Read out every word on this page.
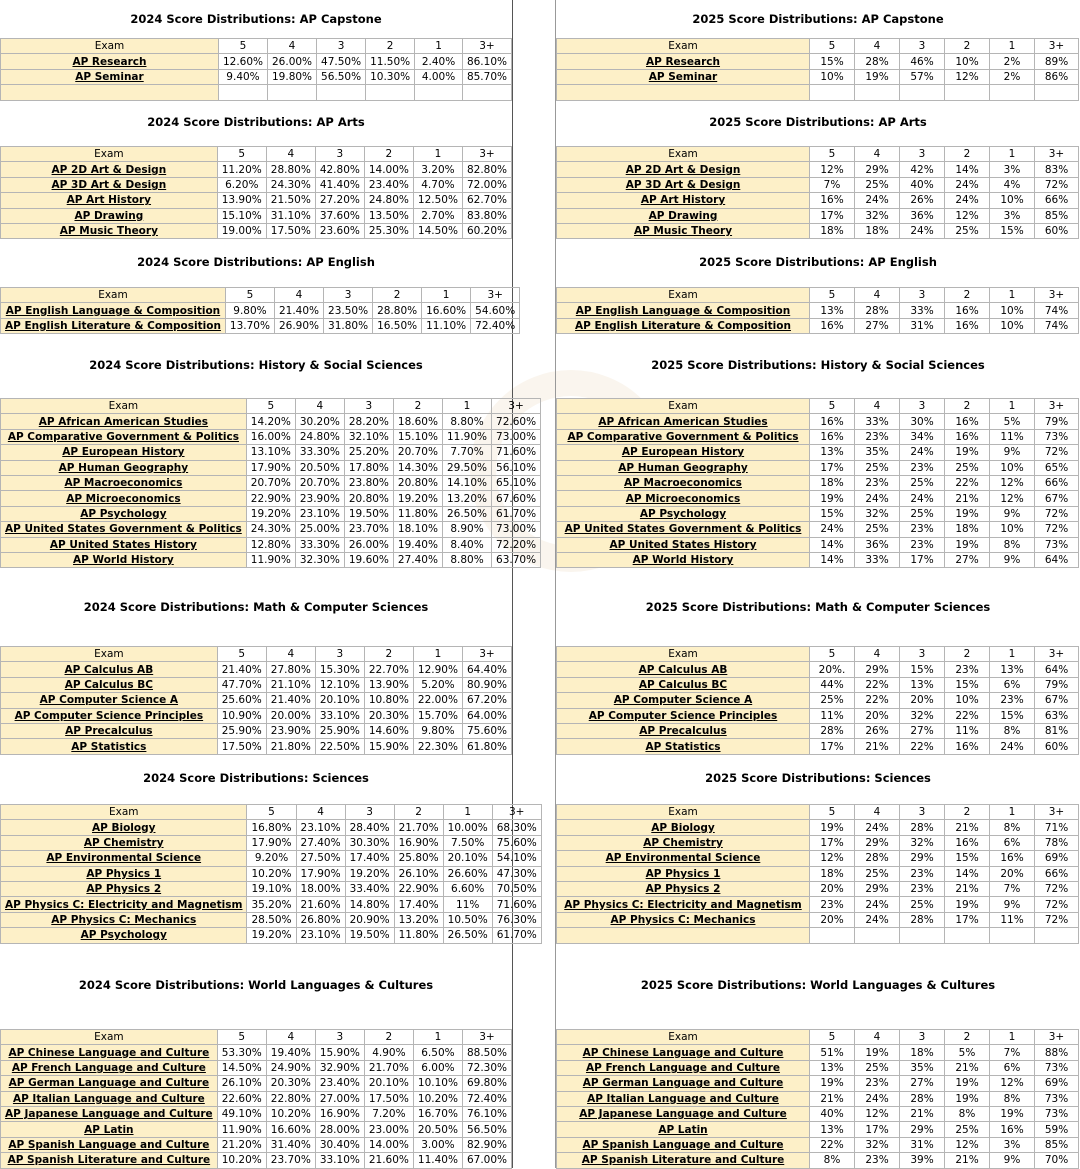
2024 Score Distributions: AP Capstone
Exam	5	4	3	2	1	3+
AP Research	12.60%	26.00%	47.50%	11.50%	2.40%	86.10%
AP Seminar	9.40%	19.80%	56.50%	10.30%	4.00%	85.70%

2024 Score Distributions: AP Arts
Exam	5	4	3	2	1	3+
AP 2D Art & Design	11.20%	28.80%	42.80%	14.00%	3.20%	82.80%
AP 3D Art & Design	6.20%	24.30%	41.40%	23.40%	4.70%	72.00%
AP Art History	13.90%	21.50%	27.20%	24.80%	12.50%	62.70%
AP Drawing	15.10%	31.10%	37.60%	13.50%	2.70%	83.80%
AP Music Theory	19.00%	17.50%	23.60%	25.30%	14.50%	60.20%
2024 Score Distributions: AP English
Exam	5	4	3	2	1	3+
AP English Language & Composition	9.80%	21.40%	23.50%	28.80%	16.60%	54.60%
AP English Literature & Composition	13.70%	26.90%	31.80%	16.50%	11.10%	72.40%
2024 Score Distributions: History & Social Sciences
Exam	5	4	3	2	1	3+
AP African American Studies	14.20%	30.20%	28.20%	18.60%	8.80%	72.60%
AP Comparative Government & Politics	16.00%	24.80%	32.10%	15.10%	11.90%	73.00%
AP European History	13.10%	33.30%	25.20%	20.70%	7.70%	71.60%
AP Human Geography	17.90%	20.50%	17.80%	14.30%	29.50%	56.10%
AP Macroeconomics	20.70%	20.70%	23.80%	20.80%	14.10%	65.10%
AP Microeconomics	22.90%	23.90%	20.80%	19.20%	13.20%	67.60%
AP Psychology	19.20%	23.10%	19.50%	11.80%	26.50%	61.70%
AP United States Government & Politics	24.30%	25.00%	23.70%	18.10%	8.90%	73.00%
AP United States History	12.80%	33.30%	26.00%	19.40%	8.40%	72.20%
AP World History	11.90%	32.30%	19.60%	27.40%	8.80%	63.70%
2024 Score Distributions: Math & Computer Sciences
Exam	5	4	3	2	1	3+
AP Calculus AB	21.40%	27.80%	15.30%	22.70%	12.90%	64.40%
AP Calculus BC	47.70%	21.10%	12.10%	13.90%	5.20%	80.90%
AP Computer Science A	25.60%	21.40%	20.10%	10.80%	22.00%	67.20%
AP Computer Science Principles	10.90%	20.00%	33.10%	20.30%	15.70%	64.00%
AP Precalculus	25.90%	23.90%	25.90%	14.60%	9.80%	75.60%
AP Statistics	17.50%	21.80%	22.50%	15.90%	22.30%	61.80%
2024 Score Distributions: Sciences
Exam	5	4	3	2	1	3+
AP Biology	16.80%	23.10%	28.40%	21.70%	10.00%	68.30%
AP Chemistry	17.90%	27.40%	30.30%	16.90%	7.50%	75.60%
AP Environmental Science	9.20%	27.50%	17.40%	25.80%	20.10%	54.10%
AP Physics 1	10.20%	17.90%	19.20%	26.10%	26.60%	47.30%
AP Physics 2	19.10%	18.00%	33.40%	22.90%	6.60%	70.50%
AP Physics C: Electricity and Magnetism	35.20%	21.60%	14.80%	17.40%	11%	71.60%
AP Physics C: Mechanics	28.50%	26.80%	20.90%	13.20%	10.50%	76.30%
AP Psychology	19.20%	23.10%	19.50%	11.80%	26.50%	61.70%
2024 Score Distributions: World Languages & Cultures
Exam	5	4	3	2	1	3+
AP Chinese Language and Culture	53.30%	19.40%	15.90%	4.90%	6.50%	88.50%
AP French Language and Culture	14.50%	24.90%	32.90%	21.70%	6.00%	72.30%
AP German Language and Culture	26.10%	20.30%	23.40%	20.10%	10.10%	69.80%
AP Italian Language and Culture	22.60%	22.80%	27.00%	17.50%	10.20%	72.40%
AP Japanese Language and Culture	49.10%	10.20%	16.90%	7.20%	16.70%	76.10%
AP Latin	11.90%	16.60%	28.00%	23.00%	20.50%	56.50%
AP Spanish Language and Culture	21.20%	31.40%	30.40%	14.00%	3.00%	82.90%
AP Spanish Literature and Culture	10.20%	23.70%	33.10%	21.60%	11.40%	67.00%
2025 Score Distributions: AP Capstone
Exam	5	4	3	2	1	3+
AP Research	15%	28%	46%	10%	2%	89%
AP Seminar	10%	19%	57%	12%	2%	86%

2025 Score Distributions: AP Arts
Exam	5	4	3	2	1	3+
AP 2D Art & Design	12%	29%	42%	14%	3%	83%
AP 3D Art & Design	7%	25%	40%	24%	4%	72%
AP Art History	16%	24%	26%	24%	10%	66%
AP Drawing	17%	32%	36%	12%	3%	85%
AP Music Theory	18%	18%	24%	25%	15%	60%
2025 Score Distributions: AP English
Exam	5	4	3	2	1	3+
AP English Language & Composition	13%	28%	33%	16%	10%	74%
AP English Literature & Composition	16%	27%	31%	16%	10%	74%
2025 Score Distributions: History & Social Sciences
Exam	5	4	3	2	1	3+
AP African American Studies	16%	33%	30%	16%	5%	79%
AP Comparative Government & Politics	16%	23%	34%	16%	11%	73%
AP European History	13%	35%	24%	19%	9%	72%
AP Human Geography	17%	25%	23%	25%	10%	65%
AP Macroeconomics	18%	23%	25%	22%	12%	66%
AP Microeconomics	19%	24%	24%	21%	12%	67%
AP Psychology	15%	32%	25%	19%	9%	72%
AP United States Government & Politics	24%	25%	23%	18%	10%	72%
AP United States History	14%	36%	23%	19%	8%	73%
AP World History	14%	33%	17%	27%	9%	64%
2025 Score Distributions: Math & Computer Sciences
Exam	5	4	3	2	1	3+
AP Calculus AB	20%.	29%	15%	23%	13%	64%
AP Calculus BC	44%	22%	13%	15%	6%	79%
AP Computer Science A	25%	22%	20%	10%	23%	67%
AP Computer Science Principles	11%	20%	32%	22%	15%	63%
AP Precalculus	28%	26%	27%	11%	8%	81%
AP Statistics	17%	21%	22%	16%	24%	60%
2025 Score Distributions: Sciences
Exam	5	4	3	2	1	3+
AP Biology	19%	24%	28%	21%	8%	71%
AP Chemistry	17%	29%	32%	16%	6%	78%
AP Environmental Science	12%	28%	29%	15%	16%	69%
AP Physics 1	18%	25%	23%	14%	20%	66%
AP Physics 2	20%	29%	23%	21%	7%	72%
AP Physics C: Electricity and Magnetism	23%	24%	25%	19%	9%	72%
AP Physics C: Mechanics	20%	24%	28%	17%	11%	72%

2025 Score Distributions: World Languages & Cultures
Exam	5	4	3	2	1	3+
AP Chinese Language and Culture	51%	19%	18%	5%	7%	88%
AP French Language and Culture	13%	25%	35%	21%	6%	73%
AP German Language and Culture	19%	23%	27%	19%	12%	69%
AP Italian Language and Culture	21%	24%	28%	19%	8%	73%
AP Japanese Language and Culture	40%	12%	21%	8%	19%	73%
AP Latin	13%	17%	29%	25%	16%	59%
AP Spanish Language and Culture	22%	32%	31%	12%	3%	85%
AP Spanish Literature and Culture	8%	23%	39%	21%	9%	70%
